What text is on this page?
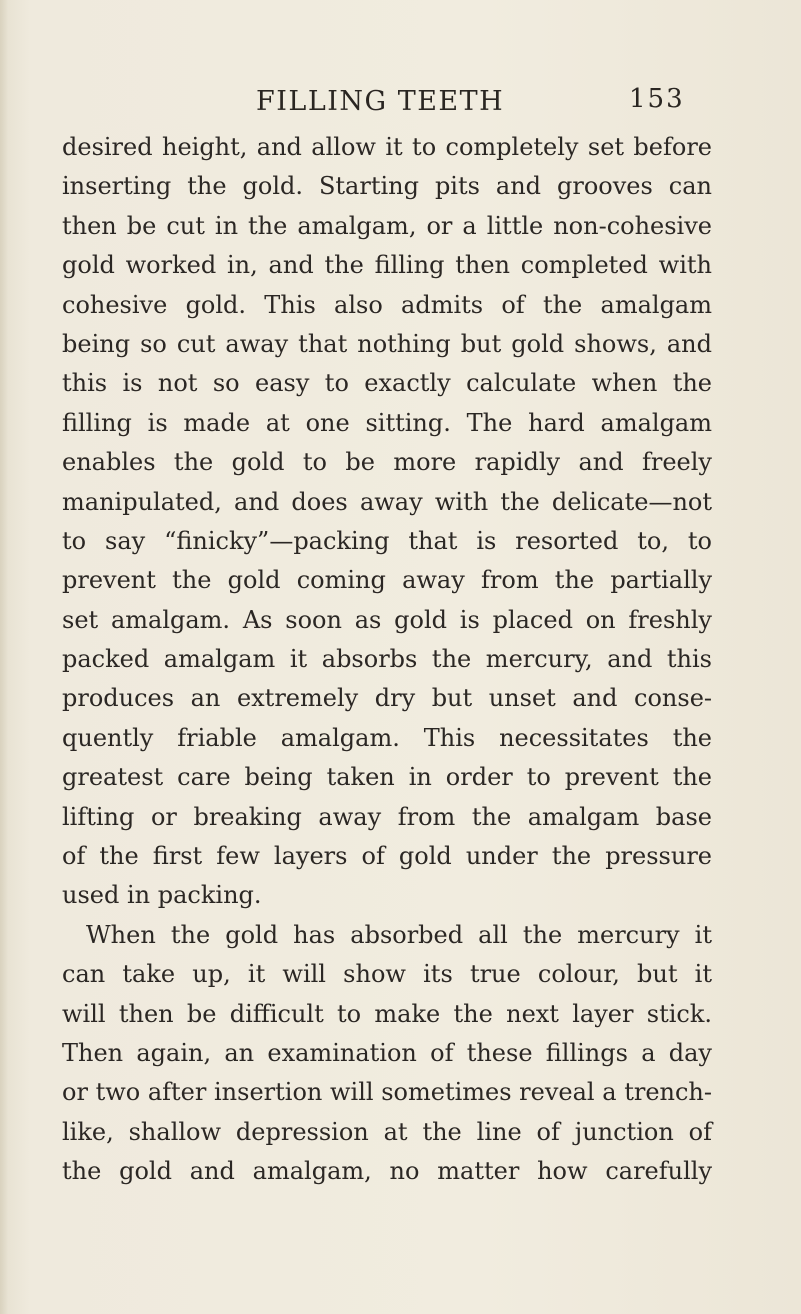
FILLING TEETH	153
desired height, and allow it to completely set before
inserting the gold. Starting pits and grooves can
then be cut in the amalgam, or a little non-cohesive
gold worked in, and the filling then completed with
cohesive gold. This also admits of the amalgam
being so cut away that nothing but gold shows, and
this is not so easy to exactly calculate when the
filling is made at one sitting. The hard amalgam
enables the gold to be more rapidly and freely
manipulated, and does away with the delicate—not
to say “finicky”—packing that is resorted to, to
prevent the gold coming away from the partially
set amalgam. As soon as gold is placed on freshly
packed amalgam it absorbs the mercury, and this
produces an extremely dry but unset and conse-
quently friable amalgam. This necessitates the
greatest care being taken in order to prevent the
lifting or breaking away from the amalgam base
of the first few layers of gold under the pressure
used in packing.
When the gold has absorbed all the mercury it
can take up, it will show its true colour, but it
will then be difficult to make the next layer stick.
Then again, an examination of these fillings a day
or two after insertion will sometimes reveal a trench-
like, shallow depression at the line of junction of
the gold and amalgam, no matter how carefully
